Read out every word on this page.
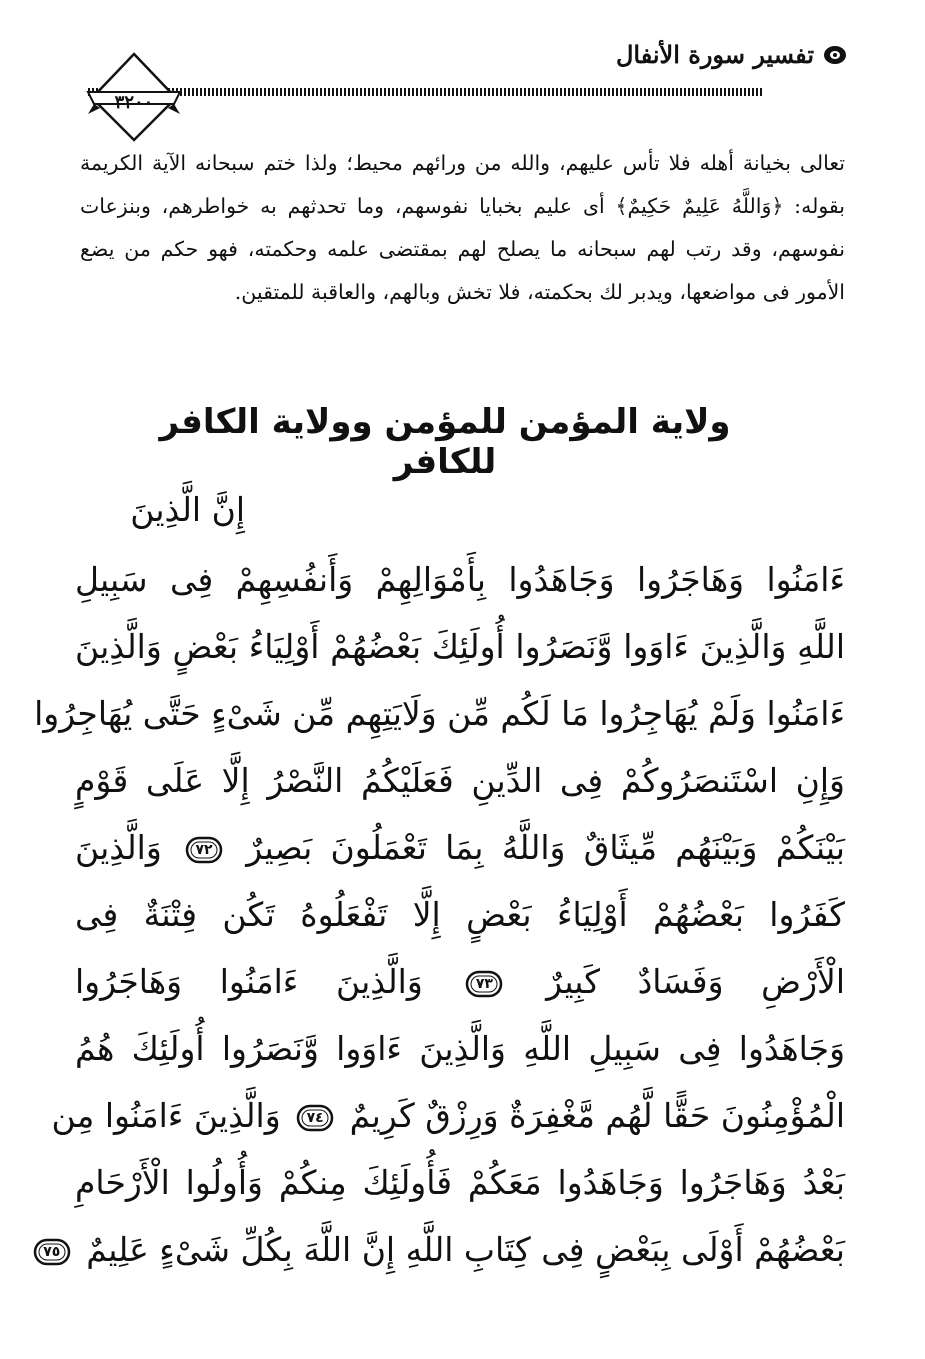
تفسير سورة الأنفال
٣٢٠٠

تعالى بخيانة أهله فلا تأس عليهم، والله من ورائهم محيط؛ ولذا ختم سبحانه الآية الكريمة بقوله: ﴿وَاللَّهُ عَلِيمٌ حَكِيمٌ﴾ أى عليم بخبايا نفوسهم، وما تحدثهم به خواطرهم، وبنزعات نفوسهم، وقد رتب لهم سبحانه ما يصلح لهم بمقتضى علمه وحكمته، فهو حكم من يضع الأمور فى مواضعها، ويدبر لك بحكمته، فلا تخش وبالهم، والعاقبة للمتقين.

ولاية المؤمن للمؤمن وولاية الكافر للكافر
إِنَّ الَّذِينَ
ءَامَنُوا وَهَاجَرُوا وَجَاهَدُوا بِأَمْوَالِهِمْ وَأَنفُسِهِمْ فِى سَبِيلِ
اللَّهِ وَالَّذِينَ ءَاوَوا وَّنَصَرُوا أُولَئِكَ بَعْضُهُمْ أَوْلِيَاءُ بَعْضٍ وَالَّذِينَ
ءَامَنُوا وَلَمْ يُهَاجِرُوا مَا لَكُم مِّن وَلَايَتِهِم مِّن شَىْءٍ حَتَّى يُهَاجِرُوا
وَإِنِ اسْتَنصَرُوكُمْ فِى الدِّينِ فَعَلَيْكُمُ النَّصْرُ إِلَّا عَلَى قَوْمٍ
بَيْنَكُمْ وَبَيْنَهُم مِّيثَاقٌ وَاللَّهُ بِمَا تَعْمَلُونَ بَصِيرٌ
٧٢
وَالَّذِينَ
كَفَرُوا بَعْضُهُمْ أَوْلِيَاءُ بَعْضٍ إِلَّا تَفْعَلُوهُ تَكُن فِتْنَةٌ فِى
الْأَرْضِ وَفَسَادٌ كَبِيرٌ
٧٣
وَالَّذِينَ ءَامَنُوا وَهَاجَرُوا
وَجَاهَدُوا فِى سَبِيلِ اللَّهِ وَالَّذِينَ ءَاوَوا وَّنَصَرُوا أُولَئِكَ هُمُ
الْمُؤْمِنُونَ حَقًّا لَّهُم مَّغْفِرَةٌ وَرِزْقٌ كَرِيمٌ
٧٤
وَالَّذِينَ ءَامَنُوا مِن
بَعْدُ وَهَاجَرُوا وَجَاهَدُوا مَعَكُمْ فَأُولَئِكَ مِنكُمْ وَأُولُوا الْأَرْحَامِ
بَعْضُهُمْ أَوْلَى بِبَعْضٍ فِى كِتَابِ اللَّهِ إِنَّ اللَّهَ بِكُلِّ شَىْءٍ عَلِيمٌ
٧٥
